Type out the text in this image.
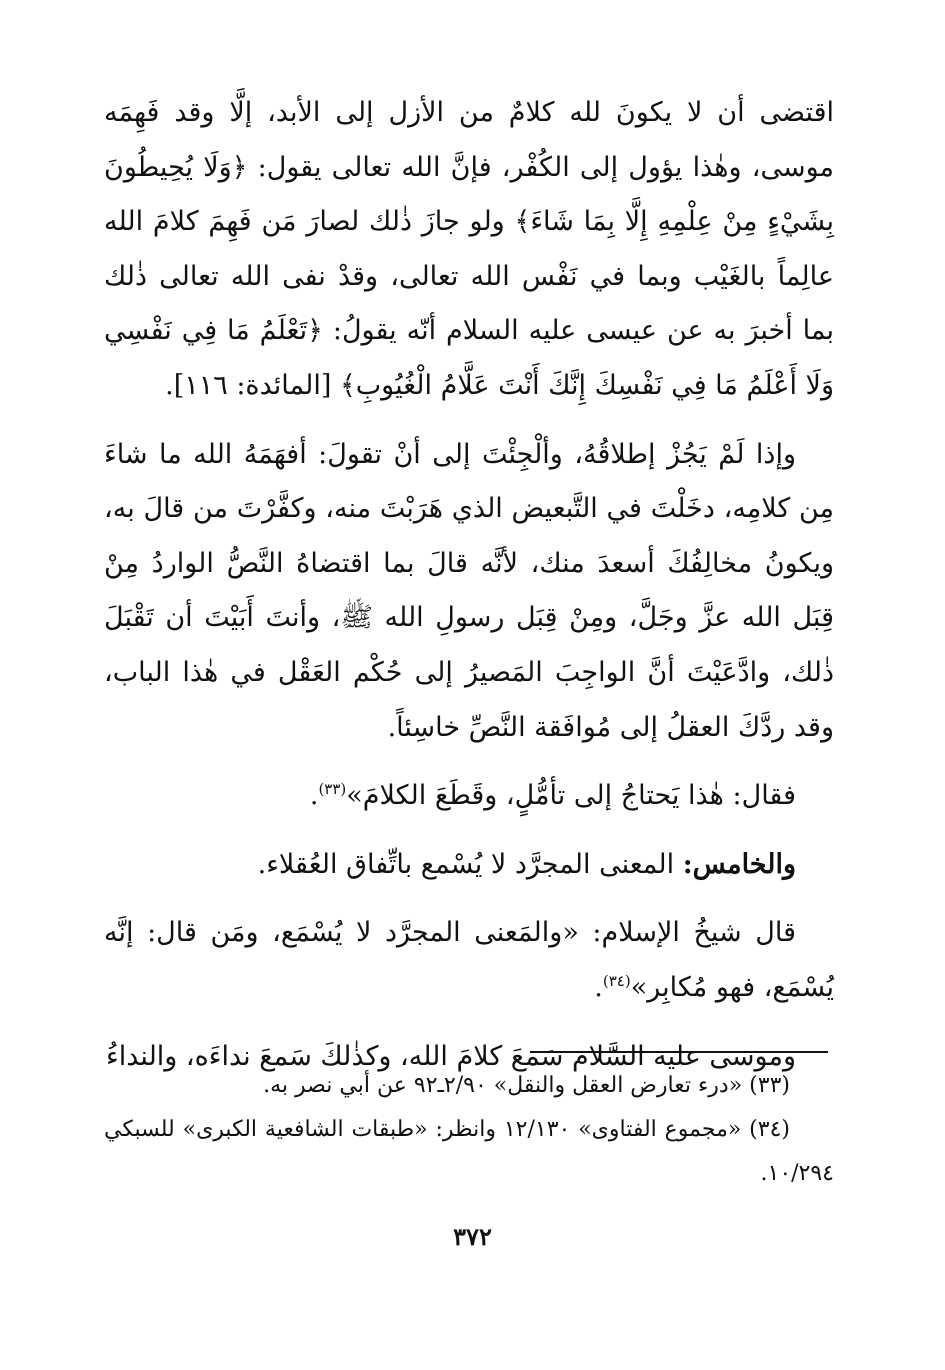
اقتضى أن لا يكونَ لله كلامٌ من الأزل إلى الأبد، إلَّا وقد فَهِمَه موسى، وهٰذا يؤول إلى الكُفْر، فإنَّ الله تعالى يقول: ﴿وَلَا يُحِيطُونَ بِشَيْءٍ مِنْ عِلْمِهِ إِلَّا بِمَا شَاءَ﴾ ولو جازَ ذٰلك لصارَ مَن فَهِمَ كلامَ الله عالِماً بالغَيْب وبما في نَفْس الله تعالى، وقدْ نفى الله تعالى ذٰلك بما أخبرَ به عن عيسى عليه السلام أنّه يقولُ: ﴿تَعْلَمُ مَا فِي نَفْسِي وَلَا أَعْلَمُ مَا فِي نَفْسِكَ إِنَّكَ أَنْتَ عَلَّامُ الْغُيُوبِ﴾ [المائدة: ١١٦].

وإذا لَمْ يَجُزْ إطلاقُهُ، وألْجِئْتَ إلى أنْ تقولَ: أفهَمَهُ الله ما شاءَ مِن كلامِه، دخَلْتَ في التَّبعيض الذي هَرَبْتَ منه، وكفَّرْتَ من قالَ به، ويكونُ مخالِفُكَ أسعدَ منك، لأنَّه قالَ بما اقتضاهُ النَّصُّ الواردُ مِنْ قِبَل الله عزَّ وجَلَّ، ومِنْ قِبَل رسولِ الله ﷺ، وأنتَ أَبَيْتَ أن تَقْبَلَ ذٰلك، وادَّعَيْتَ أنَّ الواجِبَ المَصيرُ إلى حُكْم العَقْل في هٰذا الباب، وقد ردَّكَ العقلُ إلى مُوافَقة النَّصِّ خاسِئاً.

فقال: هٰذا يَحتاجُ إلى تأمُّلٍ، وقَطَعَ الكلامَ»$^{(٣٣)}$.

والخامس: المعنى المجرَّد لا يُسْمع باتِّفاق العُقلاء.

قال شيخُ الإسلام: «والمَعنى المجرَّد لا يُسْمَع، ومَن قال: إنَّه يُسْمَع، فهو مُكابِر»$^{(٣٤)}$.

وموسى عليه السَّلام سَمعَ كلامَ الله، وكذٰلكَ سَمعَ نداءَه، والنداءُ

(٣٣) «درء تعارض العقل والنقل» ٢/٩٠ـ٩٢ عن أبي نصر به.

(٣٤) «مجموع الفتاوى» ١٢/١٣٠ وانظر: «طبقات الشافعية الكبرى» للسبكي ١٠/٢٩٤.

٣٧٢
